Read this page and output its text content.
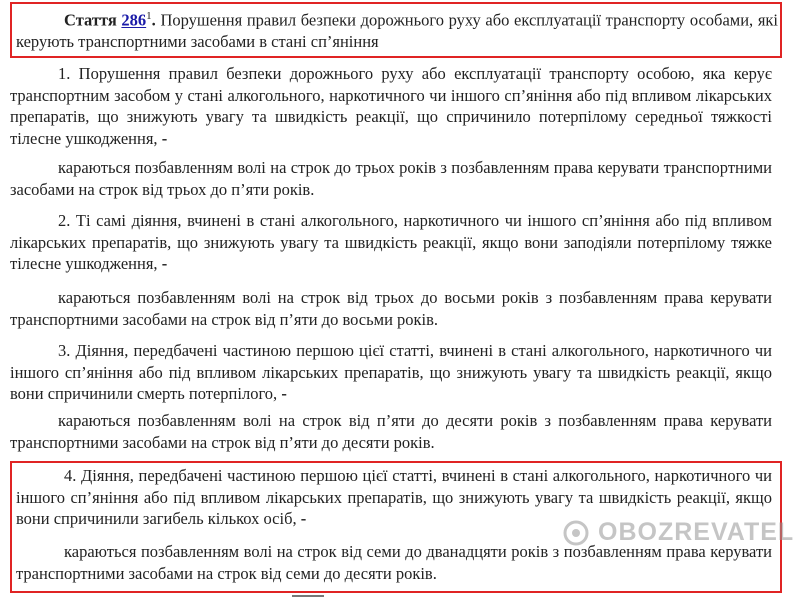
Стаття $286^1$. Порушення правил безпеки дорожнього руху або експлуатації транспорту особами, які керують транспортними засобами в стані сп’яніння

1. Порушення правил безпеки дорожнього руху або експлуатації транспорту особою, яка керує транспортним засобом у стані алкогольного, наркотичного чи іншого сп’яніння або під впливом лікарських препаратів, що знижують увагу та швидкість реакції, що спричинило потерпілому середньої тяжкості тілесне ушкодження, -

караються позбавленням волі на строк до трьох років з позбавленням права керувати транспортними засобами на строк від трьох до п’яти років.

2. Ті самі діяння, вчинені в стані алкогольного, наркотичного чи іншого сп’яніння або під впливом лікарських препаратів, що знижують увагу та швидкість реакції, якщо вони заподіяли потерпілому тяжке тілесне ушкодження, -

караються позбавленням волі на строк від трьох до восьми років з позбавленням права керувати транспортними засобами на строк від п’яти до восьми років.

3. Діяння, передбачені частиною першою цієї статті, вчинені в стані алкогольного, наркотичного чи іншого сп’яніння або під впливом лікарських препаратів, що знижують увагу та швидкість реакції, якщо вони спричинили смерть потерпілого, -

караються позбавленням волі на строк від п’яти до десяти років з позбавленням права керувати транспортними засобами на строк від п’яти до десяти років.

4. Діяння, передбачені частиною першою цієї статті, вчинені в стані алкогольного, наркотичного чи іншого сп’яніння або під впливом лікарських препаратів, що знижують увагу та швидкість реакції, якщо вони спричинили загибель кількох осіб, -

караються позбавленням волі на строк від семи до дванадцяти років з позбавленням права керувати транспортними засобами на строк від семи до десяти років.

OBOZREVATEL
